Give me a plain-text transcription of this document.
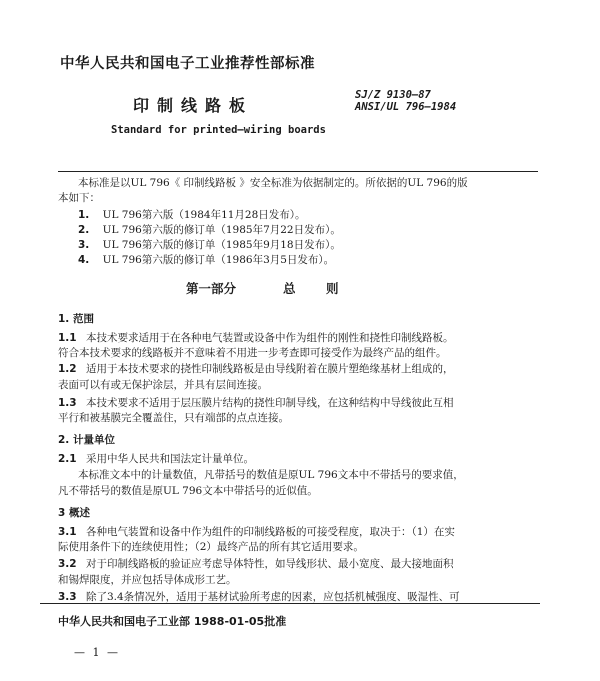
中华人民共和国电子工业推荐性部标准
印制线路板
SJ/Z 9130—87
ANSI/UL 796—1984
Standard for printed—wiring boards
本标准是以UL 796《 印制线路板 》安全标准为依据制定的。所依据的UL 796的版
本如下：
1. UL 796第六版（1984年11月28日发布）。
2. UL 796第六版的修订单（1985年7月22日发布）。
3. UL 796第六版的修订单（1985年9月18日发布）。
4. UL 796第六版的修订单（1986年3月5日发布）。
第一部分	总 则
1. 范围
1.1 本技术要求适用于在各种电气装置或设备中作为组件的刚性和挠性印制线路板。
符合本技术要求的线路板并不意味着不用进一步考查即可接受作为最终产品的组件。
1.2 适用于本技术要求的挠性印制线路板是由导线附着在膜片塑绝缘基材上组成的，
表面可以有或无保护涂层，并具有层间连接。
1.3 本技术要求不适用于层压膜片结构的挠性印制导线，在这种结构中导线彼此互相
平行和被基膜完全覆盖住，只有端部的点点连接。
2. 计量单位
2.1 采用中华人民共和国法定计量单位。
本标准文本中的计量数值，凡带括号的数值是原UL 796文本中不带括号的要求值，
凡不带括号的数值是原UL 796文本中带括号的近似值。
3 概述
3.1 各种电气装置和设备中作为组件的印制线路板的可接受程度，取决于：（1）在实
际使用条件下的连续使用性；（2）最终产品的所有其它适用要求。
3.2 对于印制线路板的验证应考虑导体特性，如导线形状、最小宽度、最大接地面积
和锡焊限度，并应包括导体成形工艺。
3.3 除了3.4条情况外，适用于基材试验所考虑的因素，应包括机械强度、吸湿性、可
中华人民共和国电子工业部 1988-01-05批准
— 1 —
